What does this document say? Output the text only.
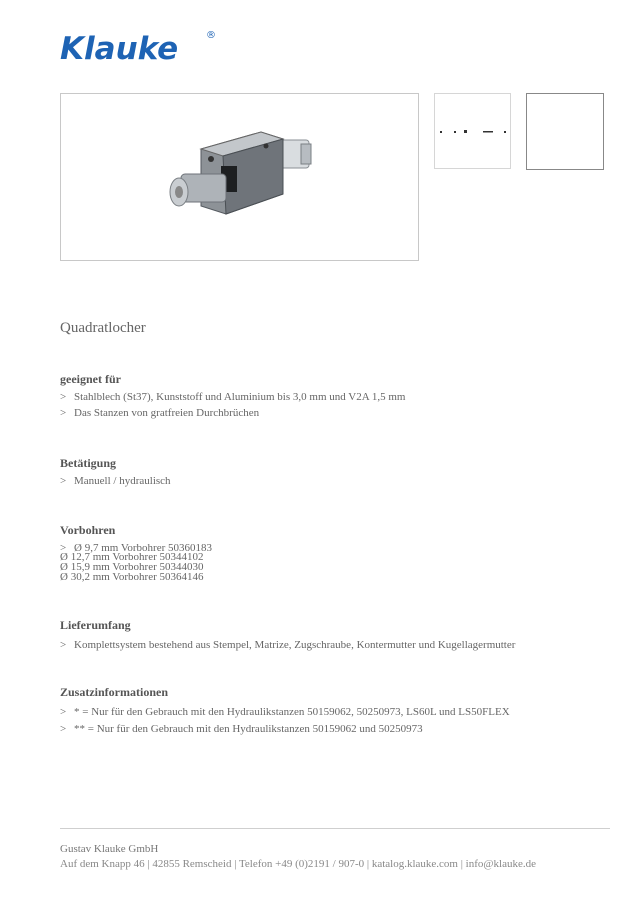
Klauke	®
Quadratlocher
geeignet für
> Stahlblech (St37), Kunststoff und Aluminium bis 3,0 mm und V2A 1,5 mm
> Das Stanzen von gratfreien Durchbrüchen
Betätigung
> Manuell / hydraulisch
Vorbohren
> Ø 9,7 mm Vorbohrer 50360183
Ø 12,7 mm Vorbohrer 50344102
Ø 15,9 mm Vorbohrer 50344030
Ø 30,2 mm Vorbohrer 50364146
Lieferumfang
> Komplettsystem bestehend aus Stempel, Matrize, Zugschraube, Kontermutter und Kugellagermutter
Zusatzinformationen
> * = Nur für den Gebrauch mit den Hydraulikstanzen 50159062, 50250973, LS60L und LS50FLEX
> ** = Nur für den Gebrauch mit den Hydraulikstanzen 50159062 und 50250973
Gustav Klauke GmbH
Auf dem Knapp 46 | 42855 Remscheid | Telefon +49 (0)2191 / 907-0 | katalog.klauke.com | info@klauke.de
